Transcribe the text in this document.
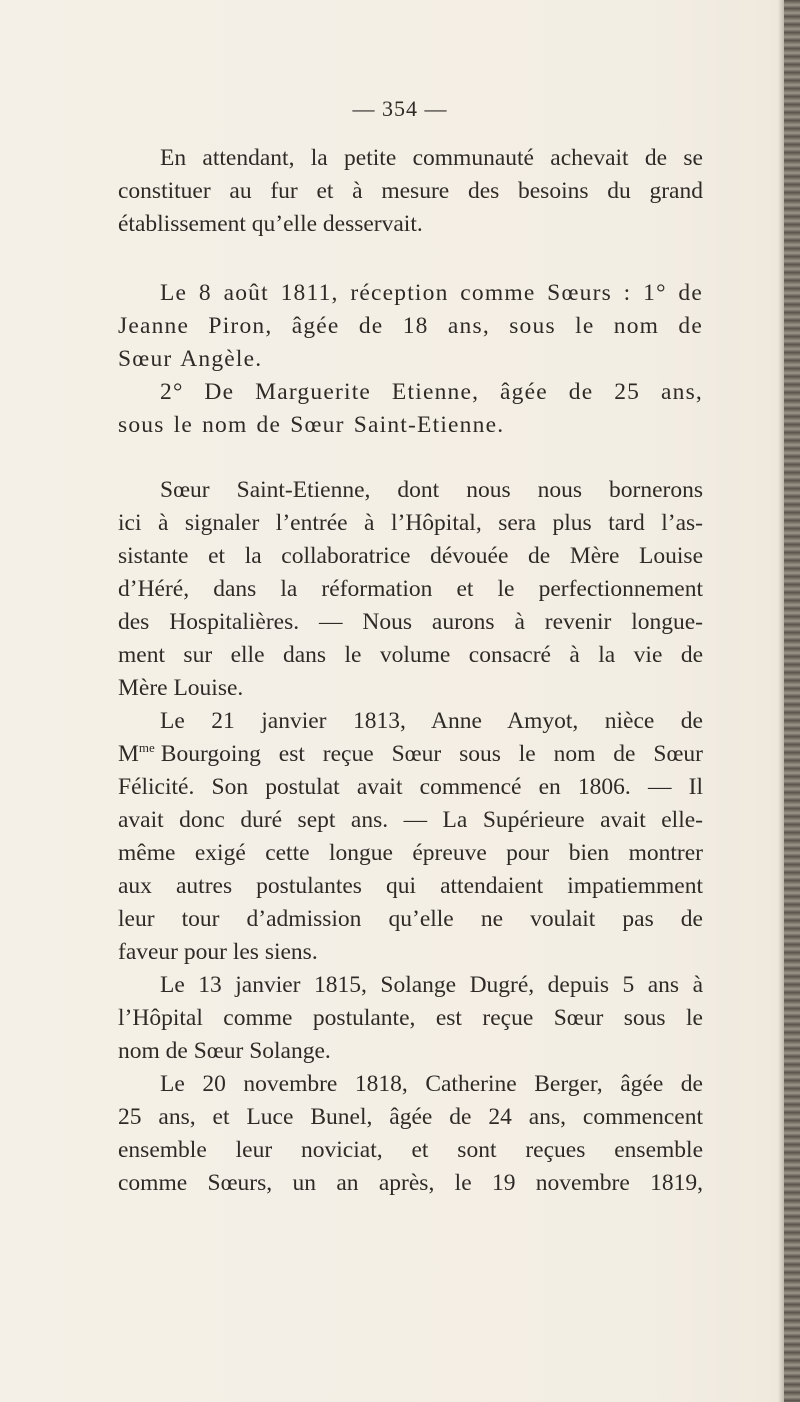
— 354 —
En attendant, la petite communauté achevait de se
constituer au fur et à mesure des besoins du grand
établissement qu’elle desservait.
Le 8 août 1811, réception comme Sœurs : 1° de
Jeanne Piron, âgée de 18 ans, sous le nom de
Sœur Angèle.
2° De Marguerite Etienne, âgée de 25 ans,
sous le nom de Sœur Saint-Etienne.
Sœur Saint-Etienne, dont nous nous bornerons
ici à signaler l’entrée à l’Hôpital, sera plus tard l’as-
sistante et la collaboratrice dévouée de Mère Louise
d’Héré, dans la réformation et le perfectionnement
des Hospitalières. — Nous aurons à revenir longue-
ment sur elle dans le volume consacré à la vie de
Mère Louise.
Le 21 janvier 1813, Anne Amyot, nièce de
$M^{me}$ Bourgoing est reçue Sœur sous le nom de Sœur
Félicité. Son postulat avait commencé en 1806. — Il
avait donc duré sept ans. — La Supérieure avait elle-
même exigé cette longue épreuve pour bien montrer
aux autres postulantes qui attendaient impatiemment
leur tour d’admission qu’elle ne voulait pas de
faveur pour les siens.
Le 13 janvier 1815, Solange Dugré, depuis 5 ans à
l’Hôpital comme postulante, est reçue Sœur sous le
nom de Sœur Solange.
Le 20 novembre 1818, Catherine Berger, âgée de
25 ans, et Luce Bunel, âgée de 24 ans, commencent
ensemble leur noviciat, et sont reçues ensemble
comme Sœurs, un an après, le 19 novembre 1819,
